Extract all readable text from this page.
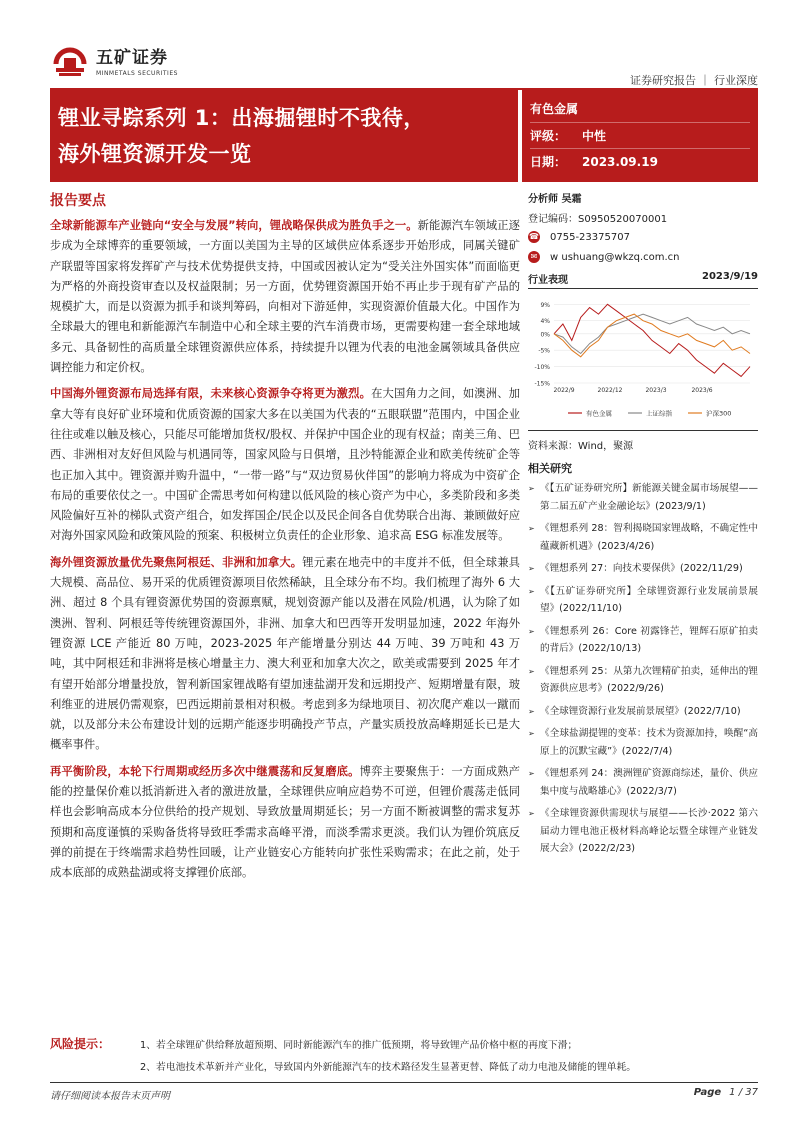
五矿证券
MINMETALS SECURITIES
证券研究报告 ｜ 行业深度
锂业寻踪系列 1：出海掘锂时不我待，
海外锂资源开发一览
有色金属
评级：	中性
日期：	2023.09.19
报告要点

全球新能源车产业链向“安全与发展”转向，锂战略保供成为胜负手之一。新能源汽车领域正逐步成为全球博弈的重要领域，一方面以美国为主导的区域供应体系逐步开始形成，同属关键矿产联盟等国家将发挥矿产与技术优势提供支持，中国或因被认定为“受关注外国实体”而面临更为严格的外商投资审查以及权益限制；另一方面，优势锂资源国开始不再止步于现有矿产品的规模扩大，而是以资源为抓手和谈判筹码，向相对下游延伸，实现资源价值最大化。中国作为全球最大的锂电和新能源汽车制造中心和全球主要的汽车消费市场，更需要构建一套全球地域多元、具备韧性的高质量全球锂资源供应体系，持续提升以锂为代表的电池金属领域具备供应调控能力和定价权。

中国海外锂资源布局选择有限，未来核心资源争夺将更为激烈。在大国角力之间，如澳洲、加拿大等有良好矿业环境和优质资源的国家大多在以美国为代表的“五眼联盟”范围内，中国企业往往或难以触及核心，只能尽可能增加货权/股权、并保护中国企业的现有权益；南美三角、巴西、非洲相对友好但风险与机遇同等，国家风险与日俱增，且沙特能源企业和欧美传统矿企等也正加入其中。锂资源并购升温中，“一带一路”与“双边贸易伙伴国”的影响力将成为中资矿企布局的重要依仗之一。中国矿企需思考如何构建以低风险的核心资产为中心，多类阶段和多类风险偏好互补的梯队式资产组合，如发挥国企/民企以及民企间各自优势联合出海、兼顾做好应对海外国家风险和政策风险的预案、积极树立负责任的企业形象、追求高 ESG 标准发展等。

海外锂资源放量优先聚焦阿根廷、非洲和加拿大。锂元素在地壳中的丰度并不低，但全球兼具大规模、高品位、易开采的优质锂资源项目依然稀缺，且全球分布不均。我们梳理了海外 6 大洲、超过 8 个具有锂资源优势国的资源禀赋，规划资源产能以及潜在风险/机遇，认为除了如澳洲、智利、阿根廷等传统锂资源国外，非洲、加拿大和巴西等开发明显加速，2022 年海外锂资源 LCE 产能近 80 万吨，2023-2025 年产能增量分别达 44 万吨、39 万吨和 43 万吨，其中阿根廷和非洲将是核心增量主力、澳大利亚和加拿大次之，欧美或需要到 2025 年才有望开始部分增量投放，智利新国家锂战略有望加速盐湖开发和远期投产、短期增量有限，玻利维亚的进展仍需观察，巴西远期前景相对积极。考虑到多为绿地项目、初次爬产难以一蹴而就，以及部分未公布建设计划的远期产能逐步明确投产节点，产量实质投放高峰期延长已是大概率事件。

再平衡阶段，本轮下行周期或经历多次中继震荡和反复磨底。博弈主要聚焦于：一方面成熟产能的控量保价难以抵消新进入者的激进放量，全球锂供应响应趋势不可逆，但锂价震荡走低同样也会影响高成本分位供给的投产规划、导致放量周期延长；另一方面不断被调整的需求复苏预期和高度谨慎的采购备货将导致旺季需求高峰平滑，而淡季需求更淡。我们认为锂价筑底反弹的前提在于终端需求趋势性回暖，让产业链安心方能转向扩张性采购需求；在此之前，处于成本底部的成熟盐湖或将支撑锂价底部。

分析师 吴霜
登记编码：S0950520070001
☎ 0755-23375707
✉ w ushuang@wkzq.com.cn
行业表现	2023/9/19
9%
4%
0%
-5%
-10%
-15%
2022/9	2022/12	2023/3	2023/6
有色金属	上证综指	沪深300
资料来源：Wind，聚源
相关研究
➢ 《【五矿证券研究所】新能源关键金属市场展望——第二届五矿产业金融论坛》(2023/9/1)
➢ 《锂想系列 28：智利揭晓国家锂战略，不确定性中蕴藏新机遇》(2023/4/26)
➢ 《锂想系列 27：向技术要保供》(2022/11/29)
➢ 《【五矿证券研究所】全球锂资源行业发展前景展望》(2022/11/10)
➢ 《锂想系列 26：Core 初露锋芒，锂辉石原矿拍卖的背后》(2022/10/13)
➢ 《锂想系列 25：从第九次锂精矿拍卖，延伸出的锂资源供应思考》(2022/9/26)
➢ 《全球锂资源行业发展前景展望》(2022/7/10)
➢ 《全球盐湖提锂的变革：技术为资源加持，唤醒“高原上的沉默宝藏”》(2022/7/4)
➢ 《锂想系列 24：澳洲锂矿资源商综述，量价、供应集中度与战略雄心》(2022/3/7)
➢ 《全球锂资源供需现状与展望——长沙·2022 第六届动力锂电池正极材料高峰论坛暨全球锂产业链发展大会》(2022/2/23)
风险提示：	1、若全球锂矿供给释放超预期、同时新能源汽车的推广低预期，将导致锂产品价格中枢的再度下滑；
2、若电池技术革新并产业化，导致国内外新能源汽车的技术路径发生显著更替、降低了动力电池及储能的锂单耗。
请仔细阅读本报告末页声明	Page 1 / 37
